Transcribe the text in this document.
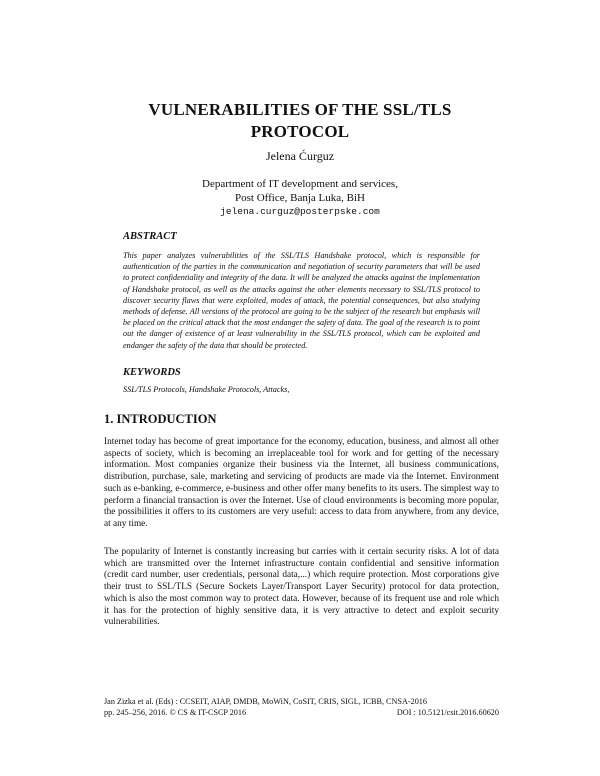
VULNERABILITIES OF THE SSL/TLS
PROTOCOL
Jelena Ćurguz
Department of IT development and services,
Post Office, Banja Luka, BiH
jelena.curguz@posterpske.com
ABSTRACT
This paper analyzes vulnerabilities of the SSL/TLS Handshake protocol, which is responsible for authentication of the parties in the communication and negotiation of security parameters that will be used to protect confidentiality and integrity of the data. It will be analyzed the attacks against the implementation of Handshake protocol, as well as the attacks against the other elements necessary to SSL/TLS protocol to discover security flaws that were exploited, modes of attack, the potential consequences, but also studying methods of defense. All versions of the protocol are going to be the subject of the research but emphasis will be placed on the critical attack that the most endanger the safety of data. The goal of the research is to point out the danger of existence of at least vulnerability in the SSL/TLS protocol, which can be exploited and endanger the safety of the data that should be protected.
KEYWORDS
SSL/TLS Protocols, Handshake Protocols, Attacks,
1. INTRODUCTION
Internet today has become of great importance for the economy, education, business, and almost all other aspects of society, which is becoming an irreplaceable tool for work and for getting of the necessary information. Most companies organize their business via the Internet, all business communications, distribution, purchase, sale, marketing and servicing of products are made via the Internet. Environment such as e-banking, e-commerce, e-business and other offer many benefits to its users. The simplest way to perform a financial transaction is over the Internet. Use of cloud environments is becoming more popular, the possibilities it offers to its customers are very useful: access to data from anywhere, from any device, at any time.
The popularity of Internet is constantly increasing but carries with it certain security risks. A lot of data which are transmitted over the Internet infrastructure contain confidential and sensitive information (credit card number, user credentials, personal data,...) which require protection. Most corporations give their trust to SSL/TLS (Secure Sockets Layer/Transport Layer Security) protocol for data protection, which is also the most common way to protect data. However, because of its frequent use and role which it has for the protection of highly sensitive data, it is very attractive to detect and exploit security vulnerabilities.
Jan Zizka et al. (Eds) : CCSEIT, AIAP, DMDB, MoWiN, CoSIT, CRIS, SIGL, ICBB, CNSA-2016
pp. 245–256, 2016. © CS & IT-CSCP 2016	DOI : 10.5121/csit.2016.60620
